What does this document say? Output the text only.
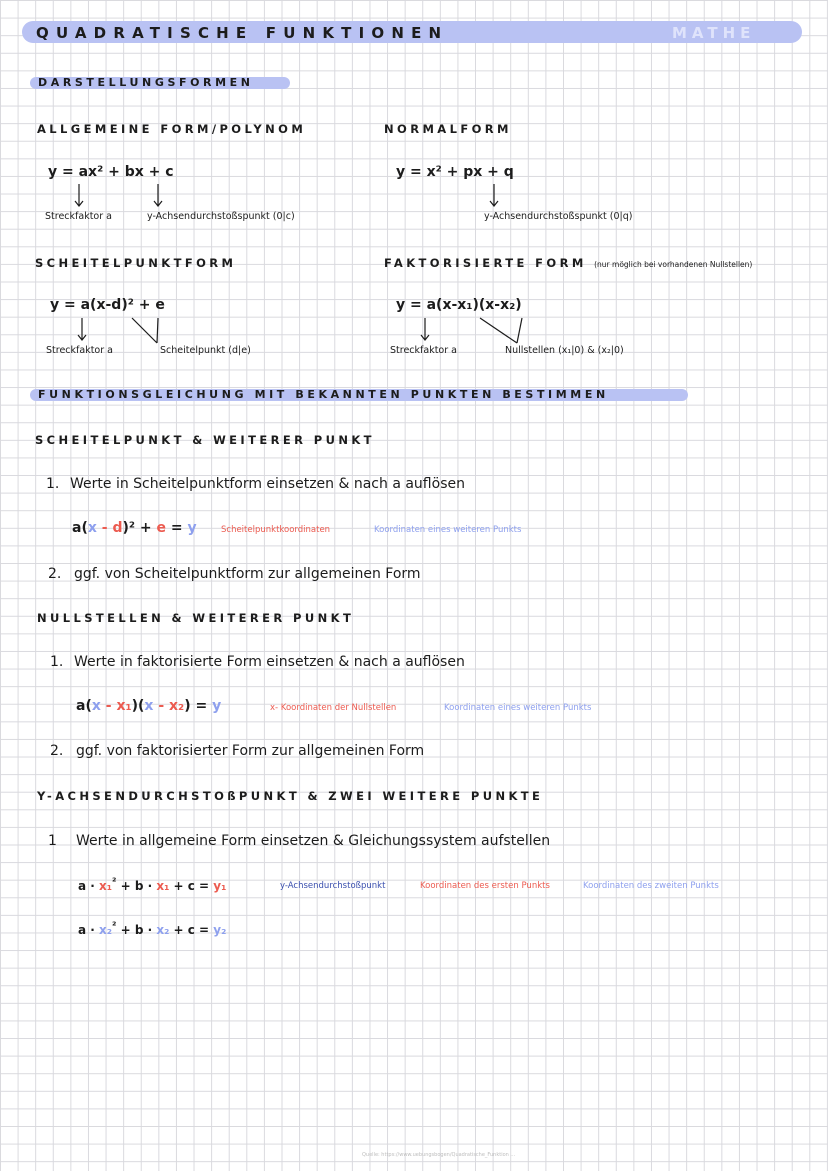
QUADRATISCHE FUNKTIONEN	MATHE
DARSTELLUNGSFORMEN
ALLGEMEINE FORM/POLYNOM
y = ax² + bx + c
Streckfaktor a	y-Achsendurchstoßspunkt (0|c)
NORMALFORM
y = x² + px + q
y-Achsendurchstoßspunkt (0|q)
SCHEITELPUNKTFORM
y = a(x-d)² + e
Streckfaktor a	Scheitelpunkt (d|e)
FAKTORISIERTE FORM (nur möglich bei vorhandenen Nullstellen)
y = a(x-x₁)(x-x₂)
Streckfaktor a	Nullstellen (x₁|0) & (x₂|0)
FUNKTIONSGLEICHUNG MIT BEKANNTEN PUNKTEN BESTIMMEN
SCHEITELPUNKT & WEITERER PUNKT
1. Werte in Scheitelpunktform einsetzen & nach a auflösen
a(x - d)² + e = y	Scheitelpunktkoordinaten	Koordinaten eines weiteren Punkts
2. ggf. von Scheitelpunktform zur allgemeinen Form
NULLSTELLEN & WEITERER PUNKT
1. Werte in faktorisierte Form einsetzen & nach a auflösen
a(x - x₁)(x - x₂) = y	x- Koordinaten der Nullstellen	Koordinaten eines weiteren Punkts
2. ggf. von faktorisierter Form zur allgemeinen Form
Y-ACHSENDURCHSTOßPUNKT & ZWEI WEITERE PUNKTE
1 Werte in allgemeine Form einsetzen & Gleichungssystem aufstellen
a · x₁$^{^2}$ + b · x₁ + c = y₁	y-Achsendurchstoßpunkt	Koordinaten des ersten Punkts	Koordinaten des zweiten Punkts
a · x₂$^{^2}$ + b · x₂ + c = y₂
Quelle: https://www.uebungsbogen/Quadratische_Funktion ...
